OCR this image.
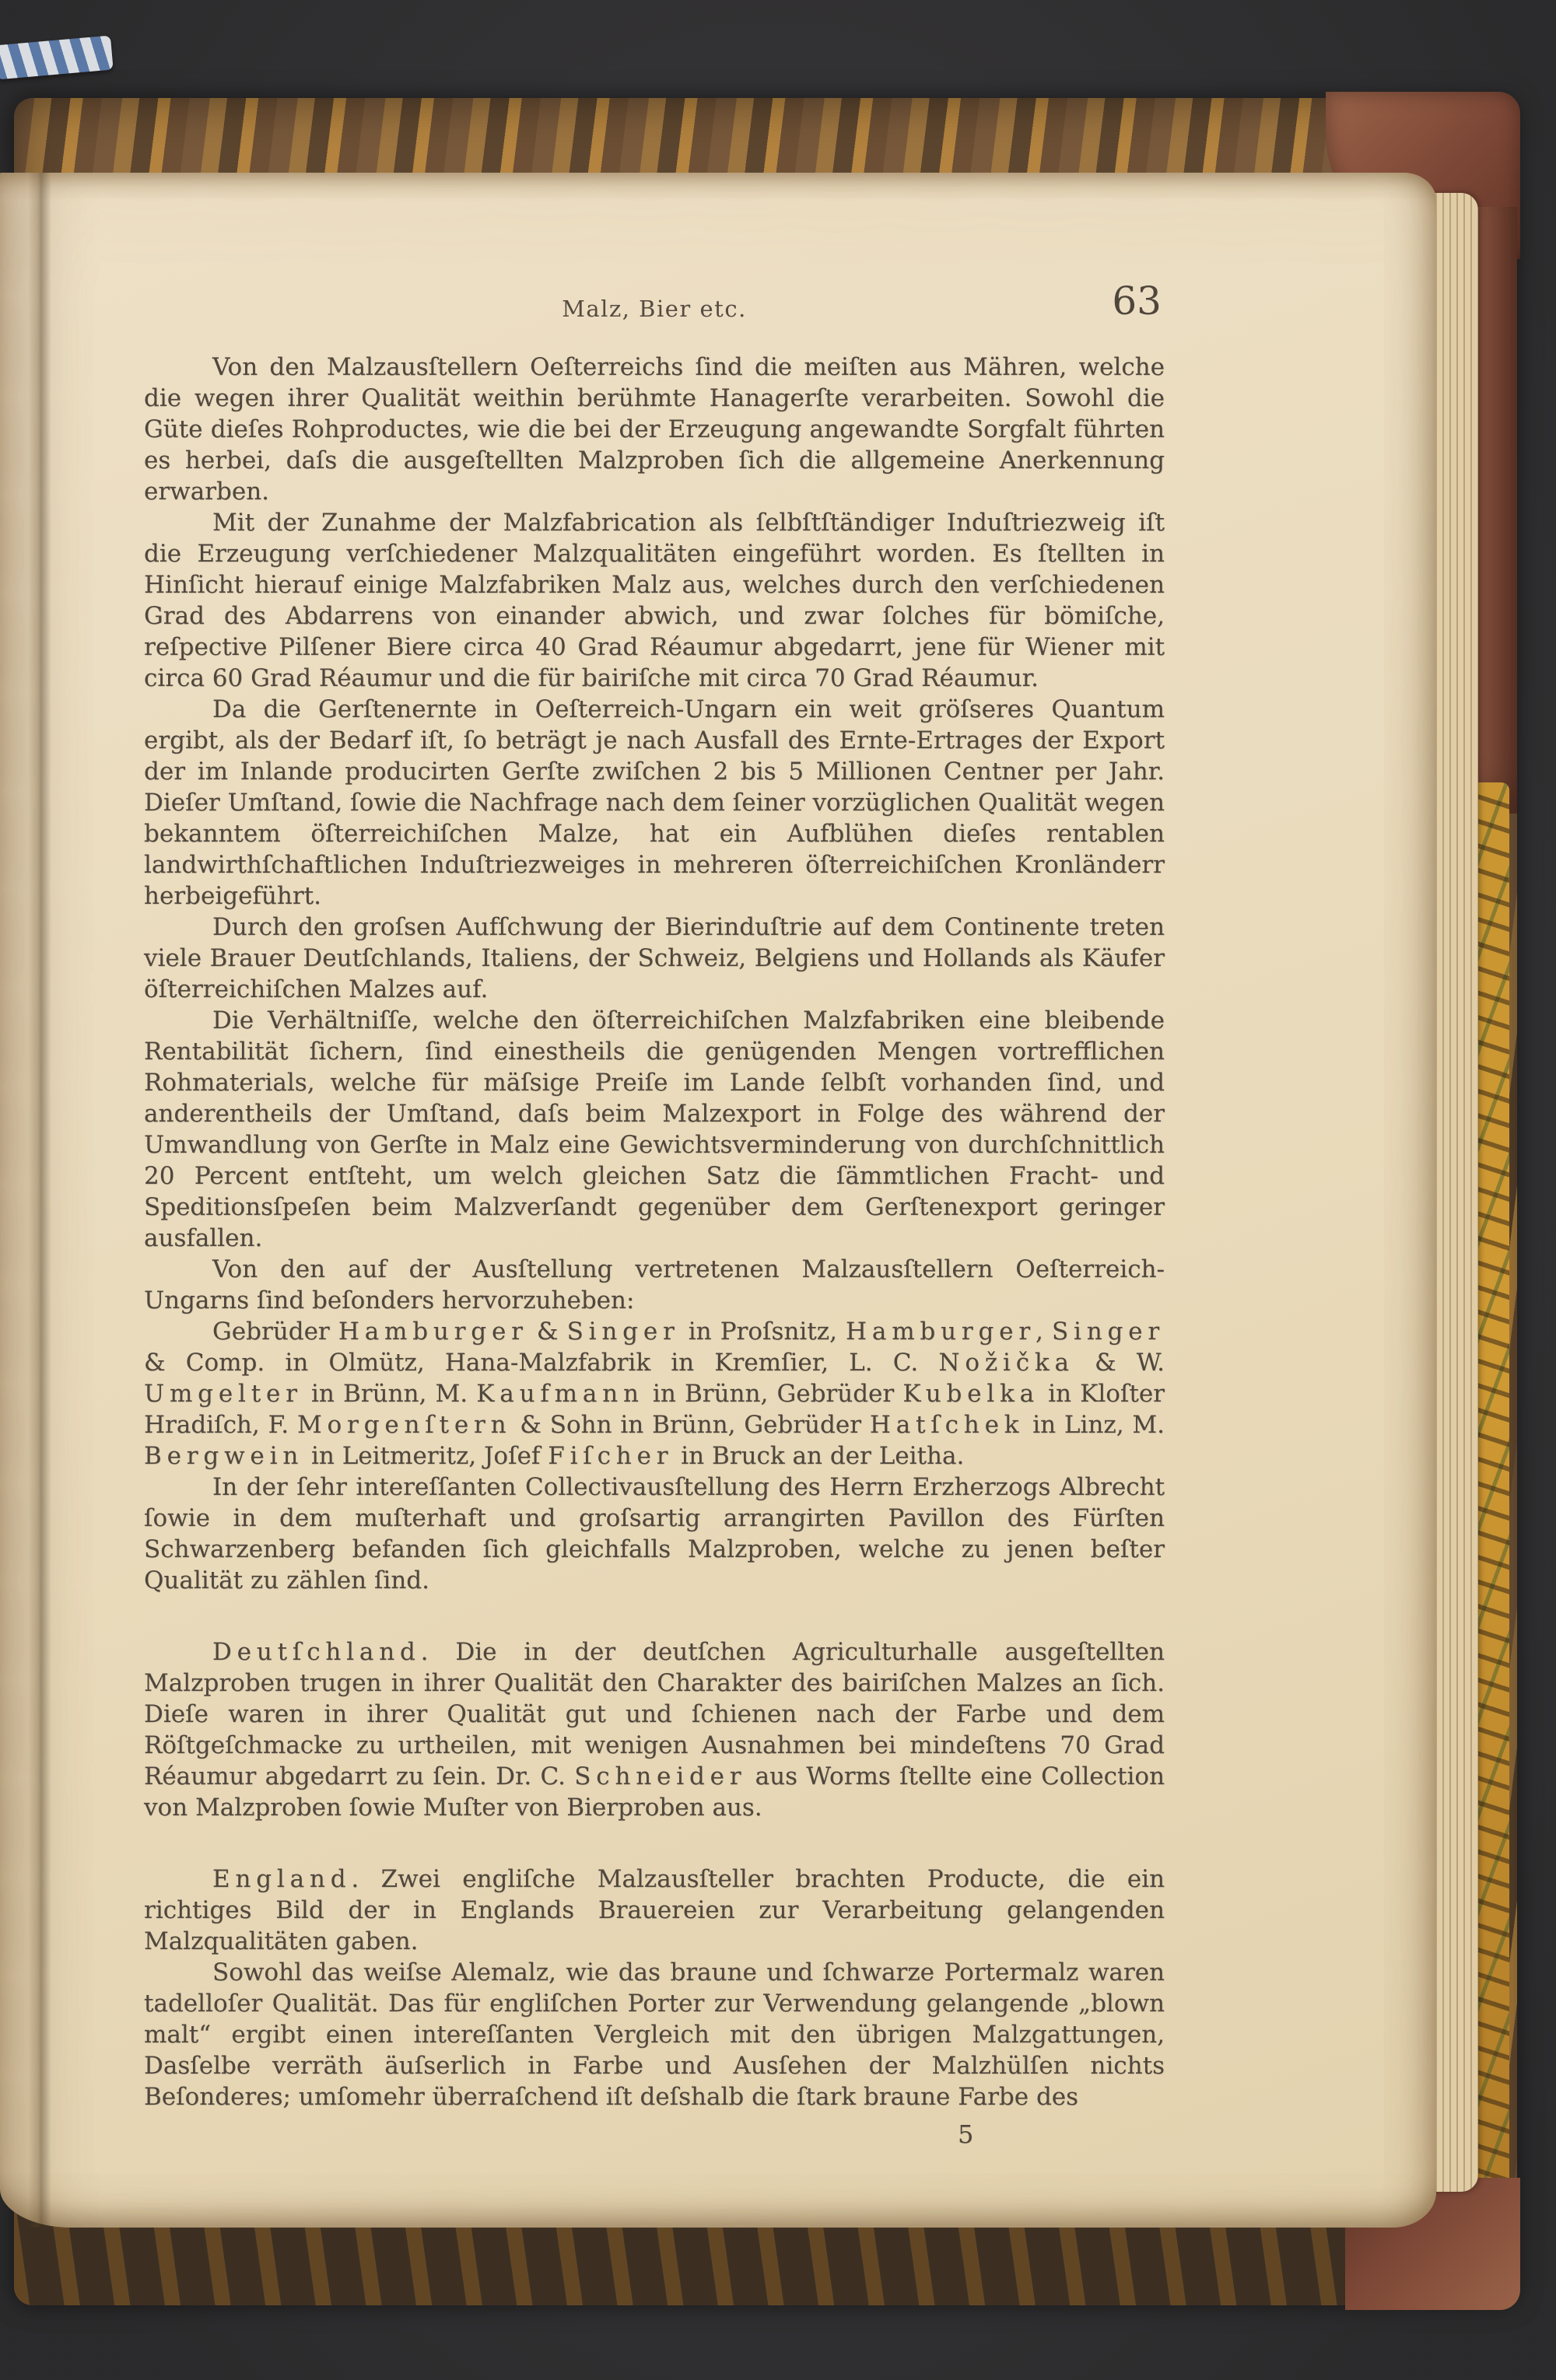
Malz, Bier etc.	63

Von den Malzausſtellern Oeſterreichs ſind die meiſten aus Mähren, welche die wegen ihrer Qualität weithin berühmte Hanagerſte verarbeiten. Sowohl die Güte dieſes Rohproductes, wie die bei der Erzeugung angewandte Sorgfalt führten es herbei, daſs die ausgeſtellten Malzproben ſich die allgemeine Anerkennung erwarben.

Mit der Zunahme der Malzfabrication als ſelbſtſtändiger Induſtriezweig iſt die Erzeugung verſchiedener Malzqualitäten eingeführt worden. Es ſtellten in Hinſicht hierauf einige Malzfabriken Malz aus, welches durch den verſchiedenen Grad des Abdarrens von einander abwich, und zwar ſolches für bömiſche, reſpective Pilſener Biere circa 40 Grad Réaumur abgedarrt, jene für Wiener mit circa 60 Grad Réaumur und die für bairiſche mit circa 70 Grad Réaumur.

Da die Gerſtenernte in Oeſterreich-Ungarn ein weit gröſseres Quantum ergibt, als der Bedarf iſt, ſo beträgt je nach Ausfall des Ernte-Ertrages der Export der im Inlande producirten Gerſte zwiſchen 2 bis 5 Millionen Centner per Jahr. Dieſer Umſtand, ſowie die Nachfrage nach dem ſeiner vorzüglichen Qualität wegen bekanntem öſterreichiſchen Malze, hat ein Aufblühen dieſes rentablen landwirthſchaftlichen Induſtriezweiges in mehreren öſterreichiſchen Kronländerr herbeigeführt.

Durch den groſsen Aufſchwung der Bierinduſtrie auf dem Continente treten viele Brauer Deutſchlands, Italiens, der Schweiz, Belgiens und Hollands als Käufer öſterreichiſchen Malzes auf.

Die Verhältniſſe, welche den öſterreichiſchen Malzfabriken eine bleibende Rentabilität ſichern, ſind einestheils die genügenden Mengen vortrefflichen Rohmaterials, welche für mäſsige Preiſe im Lande ſelbſt vorhanden ſind, und anderentheils der Umſtand, daſs beim Malzexport in Folge des während der Umwandlung von Gerſte in Malz eine Gewichtsverminderung von durchſchnittlich 20 Percent entſteht, um welch gleichen Satz die ſämmtlichen Fracht- und Speditionsſpeſen beim Malzverſandt gegenüber dem Gerſtenexport geringer ausfallen.

Von den auf der Ausſtellung vertretenen Malzausſtellern Oeſterreich-Ungarns ſind beſonders hervorzuheben:

Gebrüder Hamburger & Singer in Proſsnitz, Hamburger, Singer & Comp. in Olmütz, Hana-Malzfabrik in Kremſier, L. C. Nožička & W. Umgelter in Brünn, M. Kaufmann in Brünn, Gebrüder Kubelka in Kloſter Hradiſch, F. Morgenſtern & Sohn in Brünn, Gebrüder Hatſchek in Linz, M. Bergwein in Leitmeritz, Joſef Fiſcher in Bruck an der Leitha.

In der ſehr intereſſanten Collectivausſtellung des Herrn Erzherzogs Albrecht ſowie in dem muſterhaft und groſsartig arrangirten Pavillon des Fürſten Schwarzenberg befanden ſich gleichfalls Malzproben, welche zu jenen beſter Qualität zu zählen ſind.

Deutſchland. Die in der deutſchen Agriculturhalle ausgeſtellten Malzproben trugen in ihrer Qualität den Charakter des bairiſchen Malzes an ſich. Dieſe waren in ihrer Qualität gut und ſchienen nach der Farbe und dem Röſtgeſchmacke zu urtheilen, mit wenigen Ausnahmen bei mindeſtens 70 Grad Réaumur abgedarrt zu ſein. Dr. C. Schneider aus Worms ſtellte eine Collection von Malzproben ſowie Muſter von Bierproben aus.

England. Zwei engliſche Malzausſteller brachten Producte, die ein richtiges Bild der in Englands Brauereien zur Verarbeitung gelangenden Malzqualitäten gaben.

Sowohl das weiſse Alemalz, wie das braune und ſchwarze Portermalz waren tadelloſer Qualität. Das für engliſchen Porter zur Verwendung gelangende „blown malt“ ergibt einen intereſſanten Vergleich mit den übrigen Malzgattungen, Dasſelbe verräth äuſserlich in Farbe und Ausſehen der Malzhülſen nichts Beſonderes; umſomehr überraſchend iſt deſshalb die ſtark braune Farbe des

5
